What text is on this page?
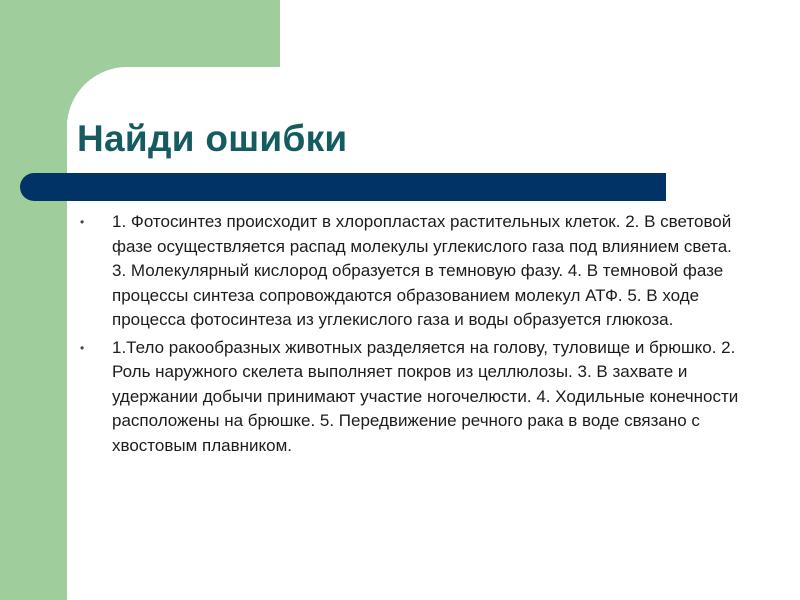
Найди ошибки
•	1. Фотосинтез происходит в хлоропластах растительных клеток. 2. В световой фазе осуществляется распад молекулы углекислого газа под влиянием света. 3. Молекулярный кислород образуется в темновую фазу. 4. В темновой фазе процессы синтеза сопровождаются образованием молекул АТФ. 5. В ходе процесса фотосинтеза из углекислого газа и воды образуется глюкоза.
•	1.Тело ракообразных животных разделяется на голову, туловище и брюшко. 2. Роль наружного скелета выполняет покров из целлюлозы. 3. В захвате и удержании добычи принимают участие ногочелюсти. 4. Ходильные конечности расположены на брюшке. 5. Передвижение речного рака в воде связано с хвостовым плавником.
